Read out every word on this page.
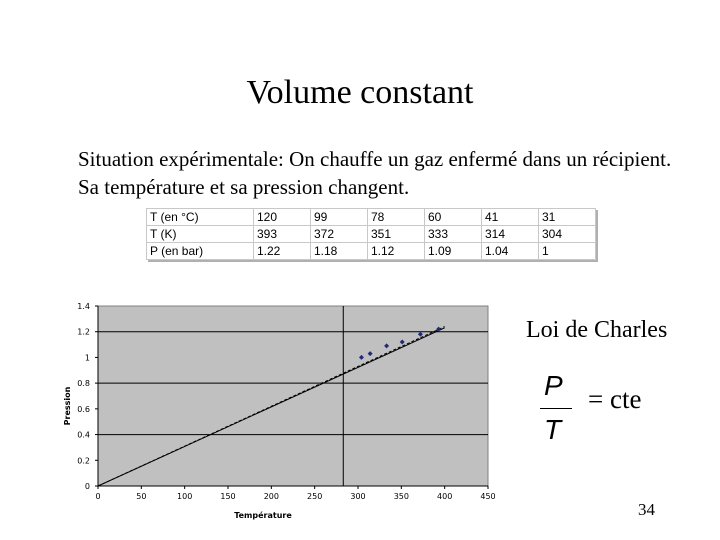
Volume constant
Situation expérimentale: On chauffe un gaz enfermé dans un récipient. Sa température et sa pression changent.
T (en °C)	120	99	78	60	41	31
T (K)	393	372	351	333	314	304
P (en bar)	1.22	1.18	1.12	1.09	1.04	1
0
0.2
0.4
0.6
0.8
1
1.2
1.4
0	50	100	150	200	250	300	350	400	450
Température
Pression
Loi de Charles
P
T
= cte
34
